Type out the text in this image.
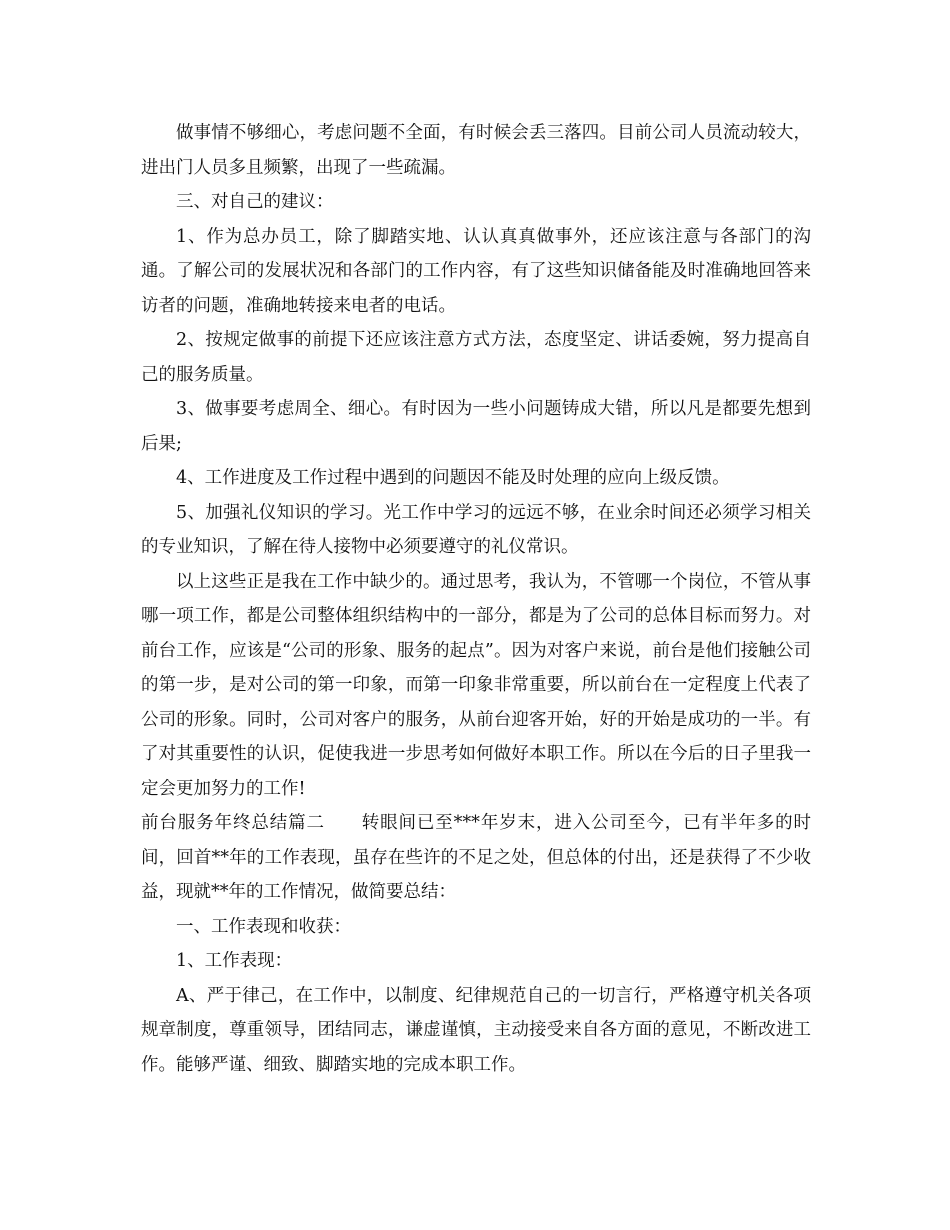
做事情不够细心，考虑问题不全面，有时候会丢三落四。目前公司人员流动较大，进出门人员多且频繁，出现了一些疏漏。

三、对自己的建议：

1、作为总办员工，除了脚踏实地、认认真真做事外，还应该注意与各部门的沟通。了解公司的发展状况和各部门的工作内容，有了这些知识储备能及时准确地回答来访者的问题，准确地转接来电者的电话。

2、按规定做事的前提下还应该注意方式方法，态度坚定、讲话委婉，努力提高自己的服务质量。

3、做事要考虑周全、细心。有时因为一些小问题铸成大错，所以凡是都要先想到后果;

4、工作进度及工作过程中遇到的问题因不能及时处理的应向上级反馈。

5、加强礼仪知识的学习。光工作中学习的远远不够，在业余时间还必须学习相关的专业知识，了解在待人接物中必须要遵守的礼仪常识。

以上这些正是我在工作中缺少的。通过思考，我认为，不管哪一个岗位，不管从事哪一项工作，都是公司整体组织结构中的一部分，都是为了公司的总体目标而努力。对前台工作，应该是“公司的形象、服务的起点”。因为对客户来说，前台是他们接触公司的第一步，是对公司的第一印象，而第一印象非常重要，所以前台在一定程度上代表了公司的形象。同时，公司对客户的服务，从前台迎客开始，好的开始是成功的一半。有了对其重要性的认识，促使我进一步思考如何做好本职工作。所以在今后的日子里我一定会更加努力的工作!

前台服务年终总结篇二　　转眼间已至***年岁末，进入公司至今，已有半年多的时间，回首**年的工作表现，虽存在些许的不足之处，但总体的付出，还是获得了不少收益，现就**年的工作情况，做简要总结：

一、工作表现和收获：

1、工作表现：

A、严于律己，在工作中，以制度、纪律规范自己的一切言行，严格遵守机关各项规章制度，尊重领导，团结同志，谦虚谨慎，主动接受来自各方面的意见，不断改进工作。能够严谨、细致、脚踏实地的完成本职工作。
